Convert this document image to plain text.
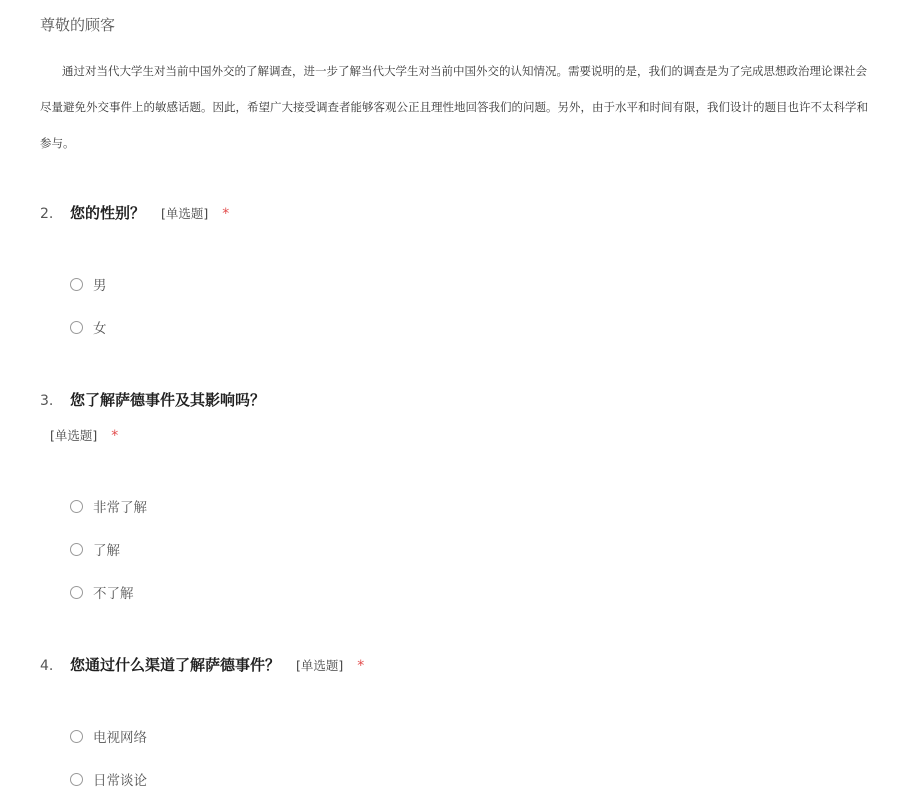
尊敬的顾客
通过对当代大学生对当前中国外交的了解调查，进一步了解当代大学生对当前中国外交的认知情况。需要说明的是，我们的调查是为了完成思想政治理论课社会
尽量避免外交事件上的敏感话题。因此，希望广大接受调查者能够客观公正且理性地回答我们的问题。另外，由于水平和时间有限，我们设计的题目也许不太科学和
参与。
2.	您的性别？ [单选题] *
男
女
3.	您了解萨德事件及其影响吗？
[单选题] *
非常了解
了解
不了解
4.	您通过什么渠道了解萨德事件？ [单选题] *
电视网络
日常谈论
